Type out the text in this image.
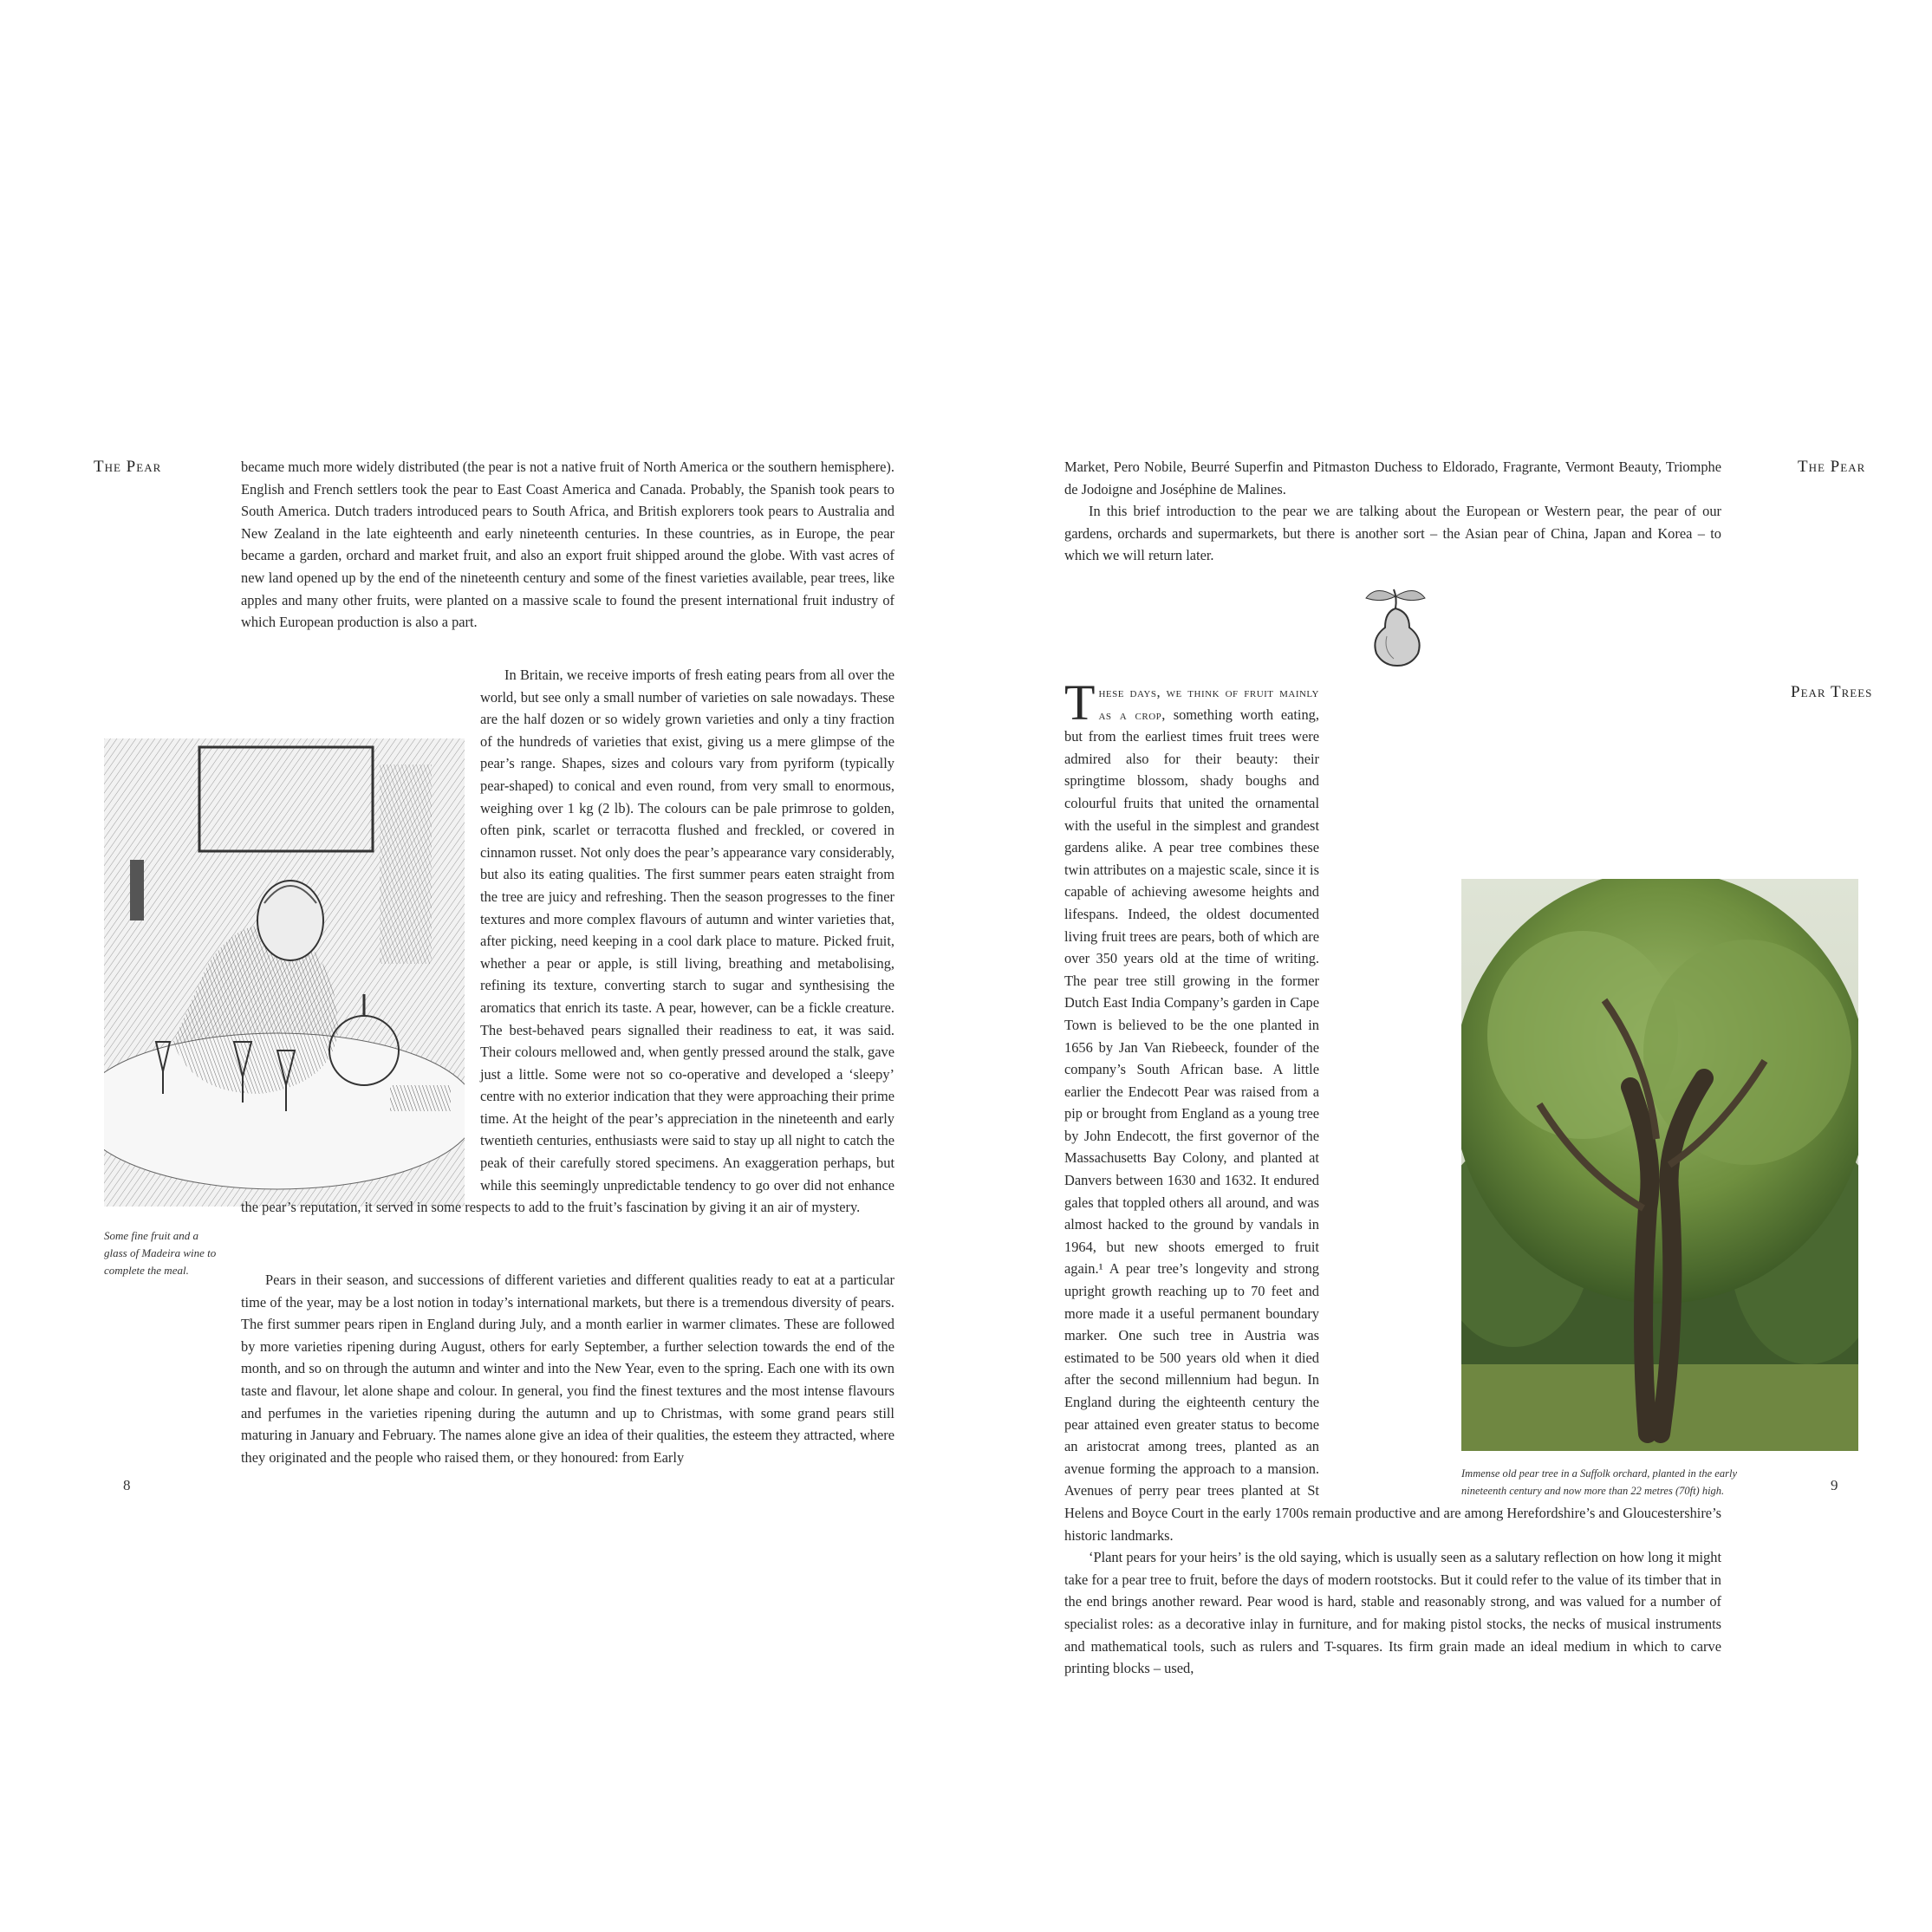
The Pear
Some fine fruit and a glass of Madeira wine to complete the meal.

became much more widely distributed (the pear is not a native fruit of North America or the southern hemisphere). English and French settlers took the pear to East Coast America and Canada. Probably, the Spanish took pears to South America. Dutch traders introduced pears to South Africa, and British explorers took pears to Australia and New Zealand in the late eighteenth and early nineteenth centuries. In these countries, as in Europe, the pear became a garden, orchard and market fruit, and also an export fruit shipped around the globe. With vast acres of new land opened up by the end of the nineteenth century and some of the finest varieties available, pear trees, like apples and many other fruits, were planted on a massive scale to found the present international fruit industry of which European production is also a part.

In Britain, we receive imports of fresh eating pears from all over the world, but see only a small number of varieties on sale nowadays. These are the half dozen or so widely grown varieties and only a tiny fraction of the hundreds of varieties that exist, giving us a mere glimpse of the pear’s range. Shapes, sizes and colours vary from pyriform (typically pear-shaped) to conical and even round, from very small to enormous, weighing over 1 kg (2 lb). The colours can be pale primrose to golden, often pink, scarlet or terracotta flushed and freckled, or covered in cinnamon russet. Not only does the pear’s appearance vary considerably, but also its eating qualities. The first summer pears eaten straight from the tree are juicy and refreshing. Then the season progresses to the finer textures and more complex flavours of autumn and winter varieties that, after picking, need keeping in a cool dark place to mature. Picked fruit, whether a pear or apple, is still living, breathing and metabolising, refining its texture, converting starch to sugar and synthesising the aromatics that enrich its taste. A pear, however, can be a fickle creature. The best-behaved pears signalled their readiness to eat, it was said. Their colours mellowed and, when gently pressed around the stalk, gave just a little. Some were not so co-operative and developed a ‘sleepy’ centre with no exterior indication that they were approaching their prime time. At the height of the pear’s appreciation in the nineteenth and early twentieth centuries, enthusiasts were said to stay up all night to catch the peak of their carefully stored specimens. An exaggeration perhaps, but while this seemingly unpredictable tendency to go over did not enhance the pear’s reputation, it served in some respects to add to the fruit’s fascination by giving it an air of mystery.

Pears in their season, and successions of different varieties and different qualities ready to eat at a particular time of the year, may be a lost notion in today’s international markets, but there is a tremendous diversity of pears. The first summer pears ripen in England during July, and a month earlier in warmer climates. These are followed by more varieties ripening during August, others for early September, a further selection towards the end of the month, and so on through the autumn and winter and into the New Year, even to the spring. Each one with its own taste and flavour, let alone shape and colour. In general, you find the finest textures and the most intense flavours and perfumes in the varieties ripening during the autumn and up to Christmas, with some grand pears still maturing in January and February. The names alone give an idea of their qualities, the esteem they attracted, where they originated and the people who raised them, or they honoured: from Early

8
The Pear

Market, Pero Nobile, Beurré Superfin and Pitmaston Duchess to Eldorado, Fragrante, Vermont Beauty, Triomphe de Jodoigne and Joséphine de Malines.

In this brief introduction to the pear we are talking about the European or Western pear, the pear of our gardens, orchards and supermarkets, but there is another sort – the Asian pear of China, Japan and Korea – to which we will return later.

Pear Trees

These days, we think of fruit mainly as a crop, something worth eating, but from the earliest times fruit trees were admired also for their beauty: their springtime blossom, shady boughs and colourful fruits that united the ornamental with the useful in the simplest and grandest gardens alike. A pear tree combines these twin attributes on a majestic scale, since it is capable of achieving awesome heights and lifespans. Indeed, the oldest documented living fruit trees are pears, both of which are over 350 years old at the time of writing. The pear tree still growing in the former Dutch East India Company’s garden in Cape Town is believed to be the one planted in 1656 by Jan Van Riebeeck, founder of the company’s South African base. A little earlier the Endecott Pear was raised from a pip or brought from England as a young tree by John Endecott, the first governor of the Massachusetts Bay Colony, and planted at Danvers between 1630 and 1632. It endured gales that toppled others all around, and was almost hacked to the ground by vandals in 1964, but new shoots emerged to fruit again.¹ A pear tree’s longevity and strong upright growth reaching up to 70 feet and more made it a useful permanent boundary marker. One such tree in Austria was estimated to be 500 years old when it died after the second millennium had begun. In England during the eighteenth century the pear attained even greater status to become an aristocrat among trees, planted as an avenue forming the approach to a mansion. Avenues of perry pear trees planted at St Helens and Boyce Court in the early 1700s remain productive and are among Herefordshire’s and Gloucestershire’s historic landmarks.

‘Plant pears for your heirs’ is the old saying, which is usually seen as a salutary reflection on how long it might take for a pear tree to fruit, before the days of modern rootstocks. But it could refer to the value of its timber that in the end brings another reward. Pear wood is hard, stable and reasonably strong, and was valued for a number of specialist roles: as a decorative inlay in furniture, and for making pistol stocks, the necks of musical instruments and mathematical tools, such as rulers and T-squares. Its firm grain made an ideal medium in which to carve printing blocks – used,

Immense old pear tree in a Suffolk orchard, planted in the early nineteenth century and now more than 22 metres (70ft) high.	9
